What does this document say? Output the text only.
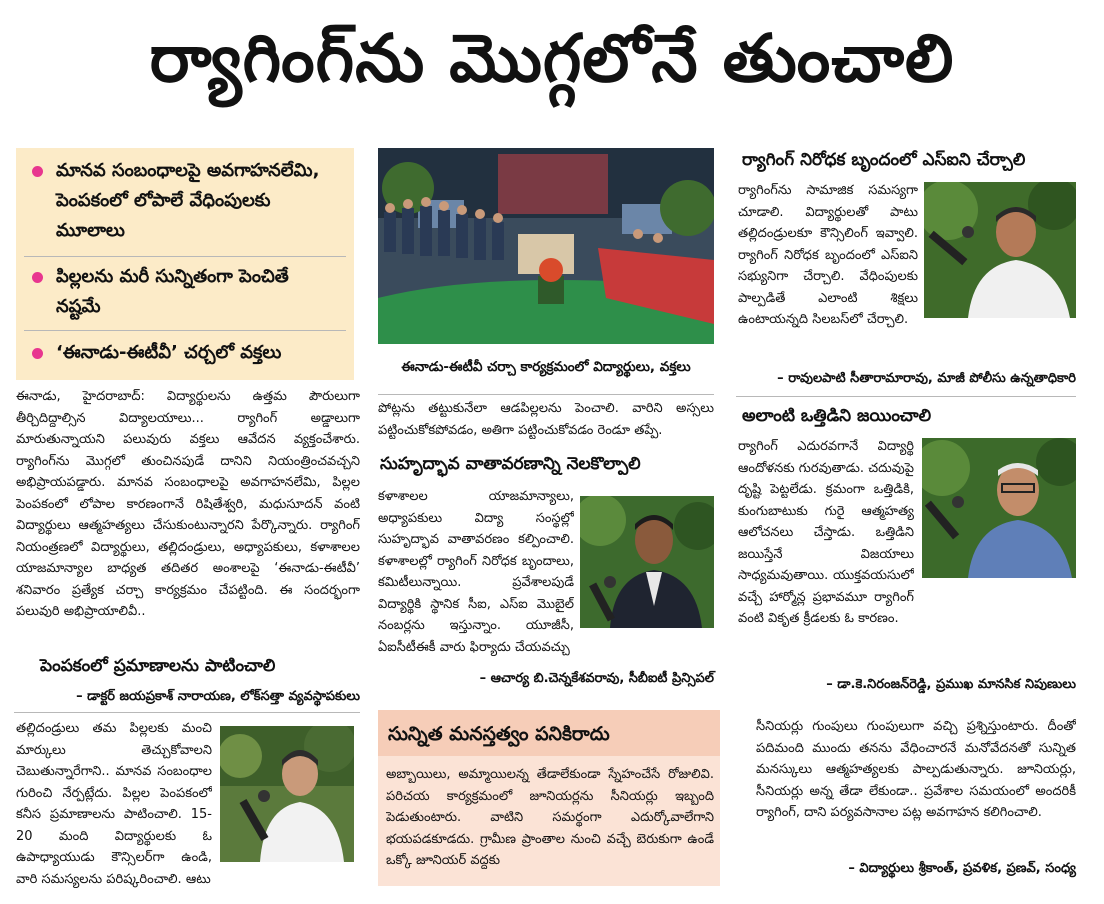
ర్యాగింగ్‌ను మొగ్గలోనే తుంచాలి
మానవ సంబంధాలపై అవగాహనలేమి, పెంపకంలో లోపాలే వేధింపులకు మూలాలు
పిల్లలను మరీ సున్నితంగా పెంచితే నష్టమే
‘ఈనాడు-ఈటీవీ’ చర్చలో వక్తలు
ఈనాడు, హైదరాబాద్: విద్యార్థులను ఉత్తమ పౌరులుగా తీర్చిదిద్దాల్సిన విద్యాలయాలు... ర్యాగింగ్ అడ్డాలుగా మారుతున్నాయని పలువురు వక్తలు ఆవేదన వ్యక్తంచేశారు. ర్యాగింగ్‌ను మొగ్గలో తుంచినపుడే దానిని నియంత్రించవచ్చని అభిప్రాయపడ్డారు. మానవ సంబంధాలపై అవగాహనలేమి, పిల్లల పెంపకంలో లోపాల కారణంగానే రిషితేశ్వరి, మధుసూదన్ వంటి విద్యార్థులు ఆత్మహత్యలు చేసుకుంటున్నారని పేర్కొన్నారు. ర్యాగింగ్ నియంత్రణలో విద్యార్థులు, తల్లిదండ్రులు, అధ్యాపకులు, కళాశాలల యాజమాన్యాల బాధ్యత తదితర అంశాలపై ‘ఈనాడు-ఈటీవీ’ శనివారం ప్రత్యేక చర్చా కార్యక్రమం చేపట్టింది. ఈ సందర్భంగా పలువురి అభిప్రాయాలివీ..
పెంపకంలో ప్రమాణాలను పాటించాలి
– డాక్టర్ జయప్రకాశ్ నారాయణ, లోక్‌సత్తా వ్యవస్థాపకులు
తల్లిదండ్రులు తమ పిల్లలకు మంచి మార్కులు తెచ్చుకోవాలని చెబుతున్నారేగాని.. మానవ సంబంధాల గురించి నేర్పట్లేదు. పిల్లల పెంపకంలో కనీస ప్రమాణాలను పాటించాలి. 15-20 మంది విద్యార్థులకు ఓ ఉపాధ్యాయుడు కౌన్సిలర్‌గా ఉండి, వారి సమస్యలను పరిష్కరించాలి. ఆటు
ఈనాడు-ఈటీవీ చర్చా కార్యక్రమంలో విద్యార్థులు, వక్తలు
పోట్లను తట్టుకునేలా ఆడపిల్లలను పెంచాలి. వారిని అస్సలు పట్టించుకోకపోవడం, అతిగా పట్టించుకోవడం రెండూ తప్పే.
సుహృద్భావ వాతావరణాన్ని నెలకొల్పాలి
కళాశాలల యాజమాన్యాలు, అధ్యాపకులు విద్యా సంస్థల్లో సుహృద్భావ వాతావరణం కల్పించాలి. కళాశాలల్లో ర్యాగింగ్ నిరోధక బృందాలు, కమిటీలున్నాయి. ప్రవేశాలపుడే విద్యార్థికి స్థానిక సీఐ, ఎస్ఐ మొబైల్ నంబర్లను ఇస్తున్నాం. యూజీసీ, ఏఐసీటీఈకీ వారు ఫిర్యాదు చేయవచ్చు
– ఆచార్య బి.చెన్నకేశవరావు, సీబీఐటీ ప్రిన్సిపల్
ర్యాగింగ్ నిరోధక బృందంలో ఎస్ఐని చేర్చాలి
ర్యాగింగ్‌ను సామాజిక సమస్యగా చూడాలి. విద్యార్థులతో పాటు తల్లిదండ్రులకూ కౌన్సిలింగ్ ఇవ్వాలి. ర్యాగింగ్ నిరోధక బృందంలో ఎస్ఐని సభ్యునిగా చేర్చాలి. వేధింపులకు పాల్పడితే ఎలాంటి శిక్షలు ఉంటాయన్నది సిలబస్‌లో చేర్చాలి.
– రావులపాటి సీతారామారావు, మాజీ పోలీసు ఉన్నతాధికారి
అలాంటి ఒత్తిడిని జయించాలి
ర్యాగింగ్ ఎదురవగానే విద్యార్థి ఆందోళనకు గురవుతాడు. చదువుపై దృష్టి పెట్టలేడు. క్రమంగా ఒత్తిడికి, కుంగుబాటుకు గురై ఆత్మహత్య ఆలోచనలు చేస్తాడు. ఒత్తిడిని జయిస్తేనే విజయాలు సాధ్యమవుతాయి. యుక్తవయసులో వచ్చే హార్మోన్ల ప్రభావమూ ర్యాగింగ్ వంటి వికృత క్రీడలకు ఓ కారణం.
– డా.కె.నిరంజన్‌రెడ్డి, ప్రముఖ మానసిక నిపుణులు
సున్నిత మనస్తత్వం పనికిరాదు
అబ్బాయిలు, అమ్మాయిలన్న తేడాలేకుండా స్నేహంచేసే రోజులివి. పరిచయ కార్యక్రమంలో జూనియర్లను సీనియర్లు ఇబ్బంది పెడుతుంటారు. వాటిని సమర్థంగా ఎదుర్కోవాలేగాని భయపడకూడదు. గ్రామీణ ప్రాంతాల నుంచి వచ్చే బెరుకుగా ఉండే ఒక్కో జూనియర్ వద్దకు
సీనియర్లు గుంపులు గుంపులుగా వచ్చి ప్రశ్నిస్తుంటారు. దీంతో పదిమంది ముందు తనను వేధించారనే మనోవేదనతో సున్నిత మనస్కులు ఆత్మహత్యలకు పాల్పడుతున్నారు. జూనియర్లు, సీనియర్లు అన్న తేడా లేకుండా.. ప్రవేశాల సమయంలో అందరికీ ర్యాగింగ్, దాని పర్యవసానాల పట్ల అవగాహన కలిగించాలి.
– విద్యార్థులు శ్రీకాంత్, ప్రవళిక, ప్రణవ్, సంధ్య
